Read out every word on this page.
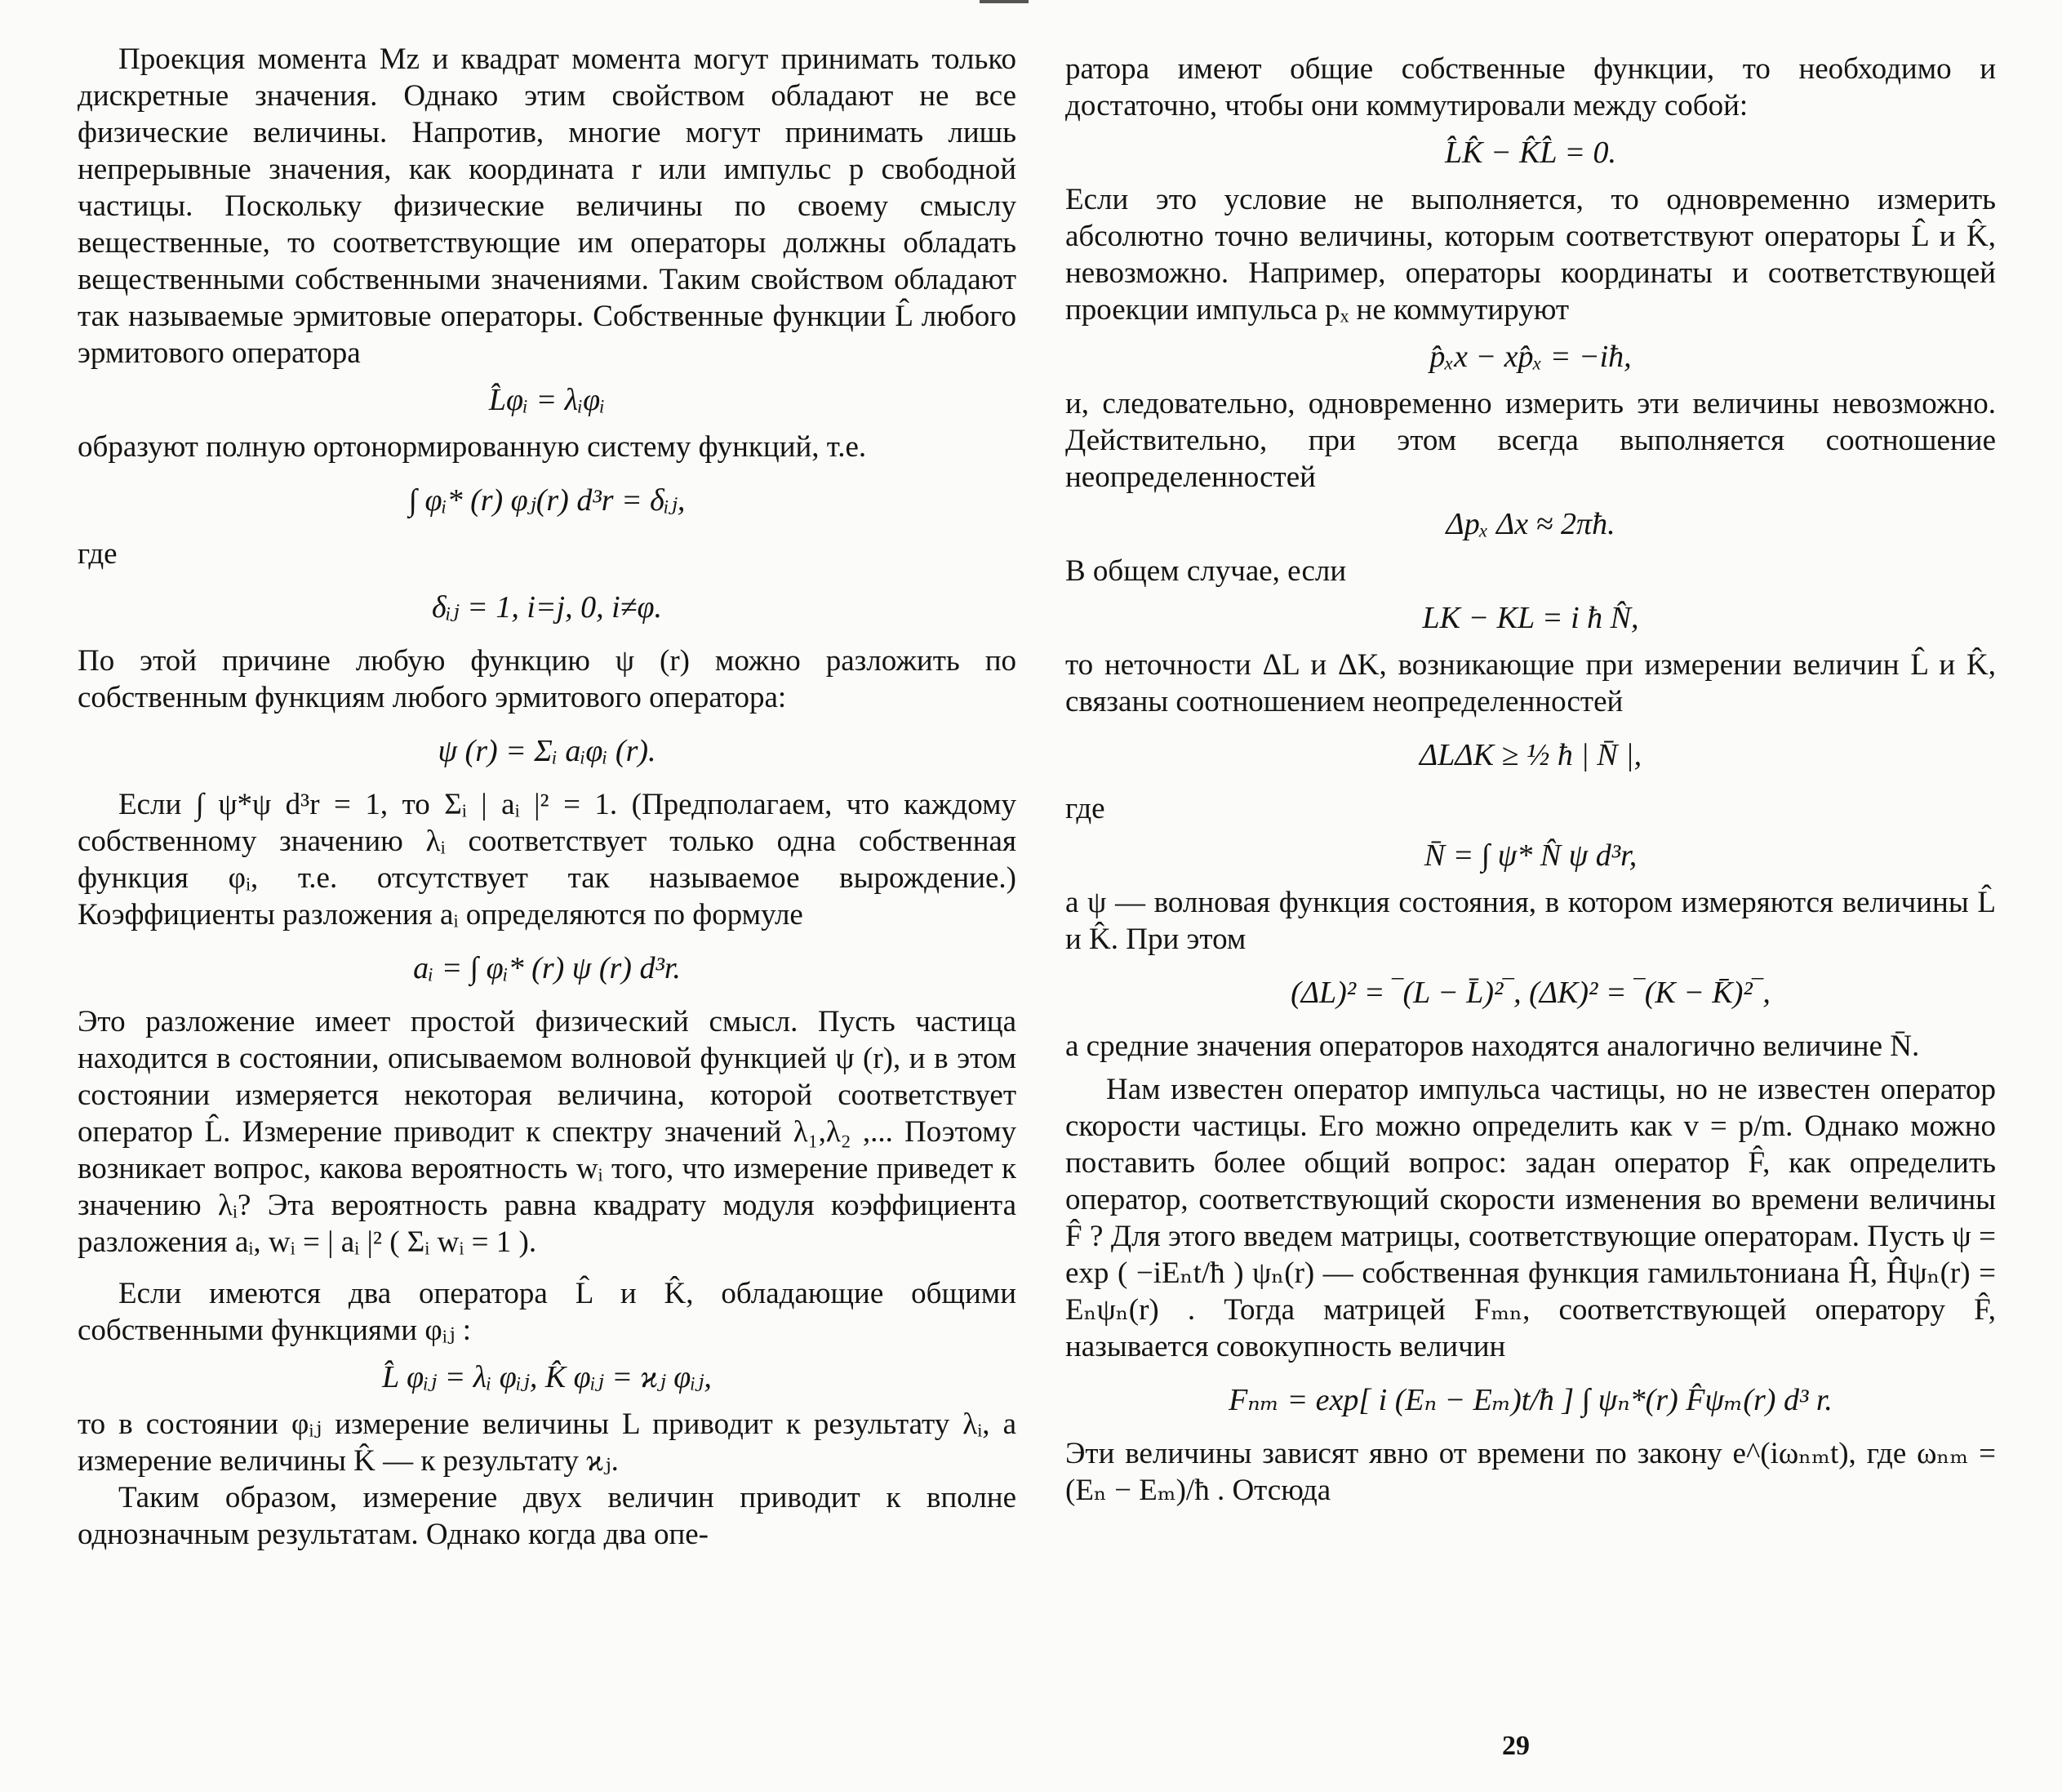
Проекция момента Mz и квадрат момента могут принимать только дискретные значения. Однако этим свойством обладают не все физические величины. Напротив, многие могут принимать лишь непрерывные значения, как координата r или импульс p свободной частицы. Поскольку физические величины по своему смыслу вещественные, то соответствующие им операторы должны обладать вещественными собственными значениями. Таким свойством обладают так называемые эрмитовые операторы. Собственные функции L̂ любого эрмитового оператора

L̂φᵢ = λᵢφᵢ

образуют полную ортонормированную систему функций, т.е.

∫ φᵢ* (r) φⱼ(r) d³r = δᵢⱼ,
где
δᵢⱼ = 1, i=j, 0, i≠φ.

По этой причине любую функцию ψ (r) можно разложить по собственным функциям любого эрмитового оператора:

ψ (r) = Σᵢ aᵢφᵢ (r).

Если ∫ ψ*ψ d³r = 1, то Σᵢ | aᵢ |² = 1. (Предполагаем, что каждому собственному значению λᵢ соответствует только одна собственная функция φᵢ, т.е. отсутствует так называемое вырождение.) Коэффициенты разложения aᵢ определяются по формуле

aᵢ = ∫ φᵢ* (r) ψ (r) d³r.

Это разложение имеет простой физический смысл. Пусть частица находится в состоянии, описываемом волновой функцией ψ (r), и в этом состоянии измеряется некоторая величина, которой соответствует оператор L̂. Измерение приводит к спектру значений λ₁,λ₂ ,... Поэтому возникает вопрос, какова вероятность wᵢ того, что измерение приведет к значению λᵢ? Эта вероятность равна квадрату модуля коэффициента разложения aᵢ, wᵢ = | aᵢ |² ( Σᵢ wᵢ = 1 ).

Если имеются два оператора L̂ и K̂, обладающие общими собственными функциями φᵢⱼ :

L̂ φᵢⱼ = λᵢ φᵢⱼ, K̂ φᵢⱼ = ϰⱼ φᵢⱼ,

то в состоянии φᵢⱼ измерение величины L приводит к результату λᵢ, а измерение величины K̂ — к результату ϰⱼ.

Таким образом, измерение двух величин приводит к вполне однозначным результатам. Однако когда два опе-

ратора имеют общие собственные функции, то необходимо и достаточно, чтобы они коммутировали между собой:

L̂K̂ − K̂L̂ = 0.

Если это условие не выполняется, то одновременно измерить абсолютно точно величины, которым соответствуют операторы L̂ и K̂, невозможно. Например, операторы координаты и соответствующей проекции импульса pₓ не коммутируют

p̂ₓx − xp̂ₓ = −iħ,

и, следовательно, одновременно измерить эти величины невозможно. Действительно, при этом всегда выполняется соотношение неопределенностей

Δpₓ Δx ≈ 2πħ.

В общем случае, если

LK − KL = i ħ N̂,

то неточности ΔL и ΔK, возникающие при измерении величин L̂ и K̂, связаны соотношением неопределенностей

ΔLΔK ≥ ½ ħ | N̄ |,
где
N̄ = ∫ ψ* N̂ ψ d³r,

а ψ — волновая функция состояния, в котором измеряются величины L̂ и K̂. При этом

(ΔL)² = ‾(L − L̄)²‾, (ΔK)² = ‾(K − K̄)²‾,

а средние значения операторов находятся аналогично величине N̄.

Нам известен оператор импульса частицы, но не известен оператор скорости частицы. Его можно определить как v = p/m. Однако можно поставить более общий вопрос: задан оператор F̂, как определить оператор, соответствующий скорости изменения во времени величины F̂ ? Для этого введем матрицы, соответствующие операторам. Пусть ψ = exp ( −iEₙt/ħ ) ψₙ(r) — собственная функция гамильтониана Ĥ, Ĥψₙ(r) = Eₙψₙ(r) . Тогда матрицей Fₘₙ, соответствующей оператору F̂, называется совокупность величин

Fₙₘ = exp[ i (Eₙ − Eₘ)t/ħ ] ∫ ψₙ*(r) F̂ψₘ(r) d³ r.

Эти величины зависят явно от времени по закону e^(iωₙₘt), где ωₙₘ = (Eₙ − Eₘ)/ħ . Отсюда

29
